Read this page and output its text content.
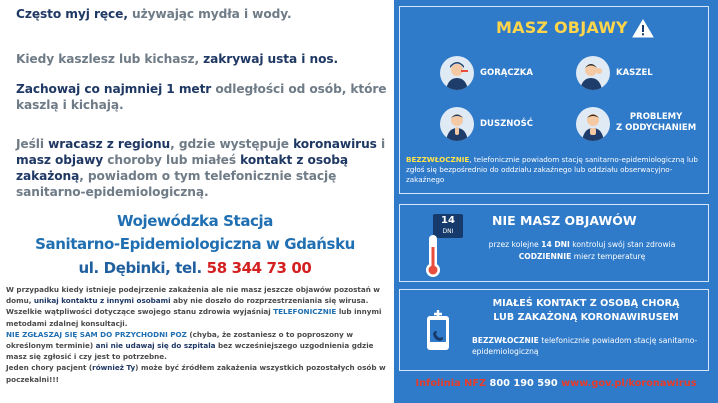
Często myj ręce, używając mydła i wody.
Kiedy kaszlesz lub kichasz, zakrywaj usta i nos.
Zachowaj co najmniej 1 metr odległości od osób, które kaszlą i kichają.
Jeśli wracasz z regionu, gdzie występuje koronawirus i masz objawy choroby lub miałeś kontakt z osobą zakażoną, powiadom o tym telefonicznie stację sanitarno-epidemiologiczną.
Wojewódzka Stacja
Sanitarno-Epidemiologiczna w Gdańsku
ul. Dębinki, tel. 58 344 73 00
W przypadku kiedy istnieje podejrzenie zakażenia ale nie masz jeszcze objawów pozostań w domu, unikaj kontaktu z innymi osobami aby nie doszło do rozprzestrzeniania się wirusa. Wszelkie wątpliwości dotyczące swojego stanu zdrowia wyjaśniaj TELEFONICZNIE lub innymi metodami zdalnej konsultacji.
NIE ZGŁASZAJ SIĘ SAM DO PRZYCHODNI POZ (chyba, że zostaniesz o to poproszony w określonym terminie) ani nie udawaj się do szpitala bez wcześniejszego uzgodnienia gdzie masz się zgłosić i czy jest to potrzebne.
Jeden chory pacjent (również Ty) może być źródłem zakażenia wszystkich pozostałych osób w poczekalni!!!
MASZ OBJAWY
GORĄCZKA	KASZEL
DUSZNOŚĆ
PROBLEMY
Z ODDYCHANIEM
BEZZWŁOCZNIE, telefonicznie powiadom stację sanitarno-epidemiologiczną lub zgłoś się bezpośrednio do oddziału zakaźnego lub oddziału obserwacyjno-zakaźnego
NIE MASZ OBJAWÓW
14
DNI
przez kolejne 14 DNI kontroluj swój stan zdrowia
CODZIENNIE mierz temperaturę
MIAŁEŚ KONTAKT Z OSOBĄ CHORĄ
LUB ZAKAŻONĄ KORONAWIRUSEM
BEZZWŁOCZNIE telefonicznie powiadom stację sanitarno-epidemiologiczną
Infolinia NFZ 800 190 590 www.gov.pl/koronawirus
